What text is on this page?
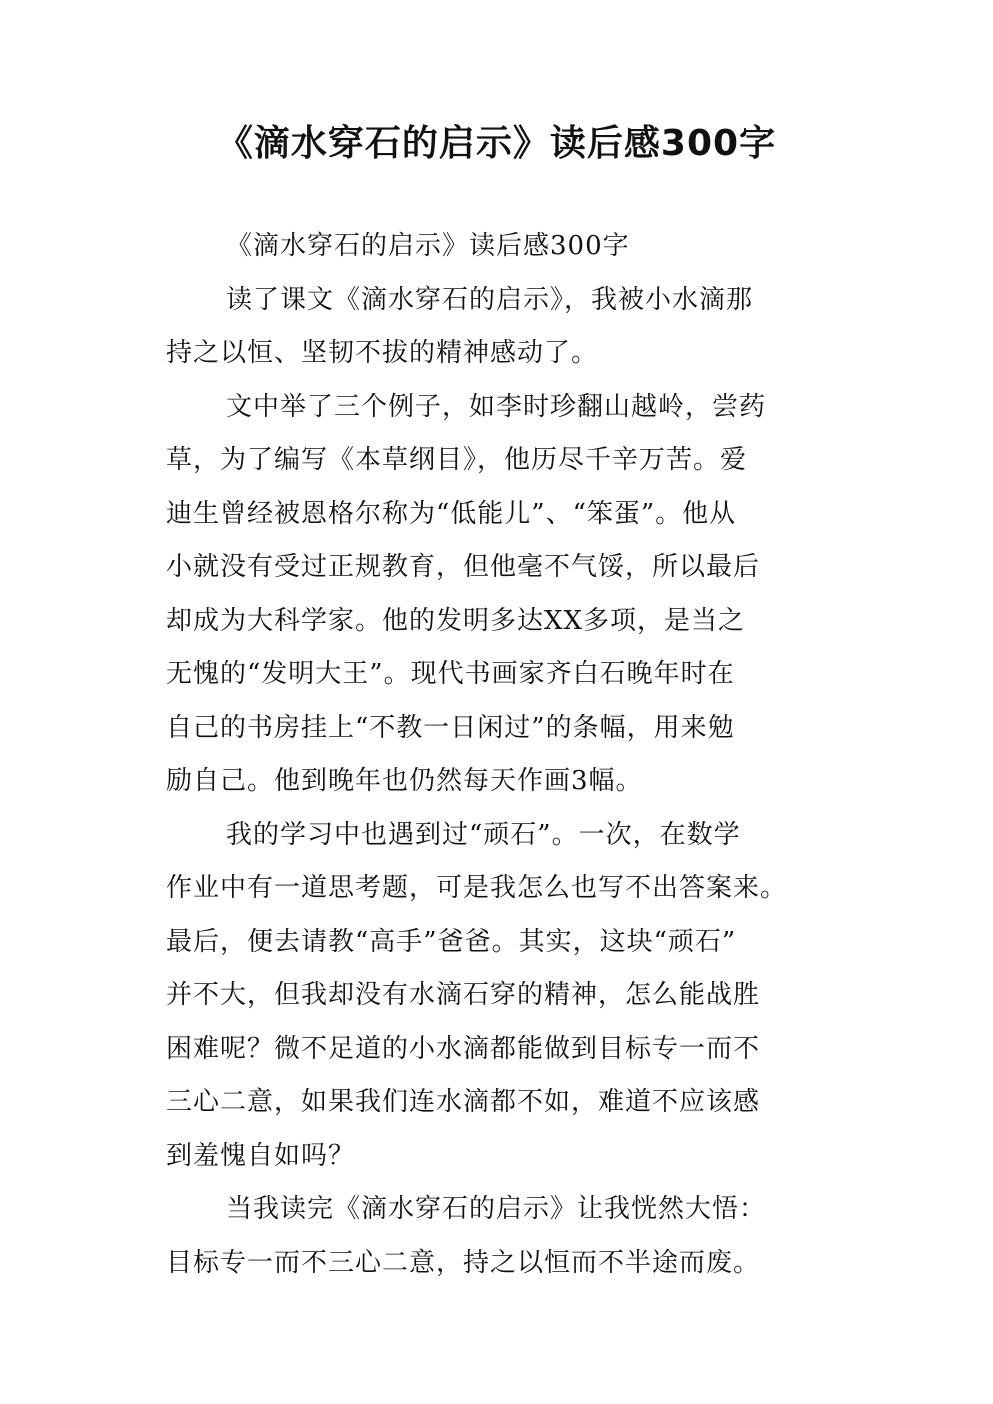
《滴水穿石的启示》读后感300字

《滴水穿石的启示》读后感300字

读了课文《滴水穿石的启示》，我被小水滴那

持之以恒、坚韧不拔的精神感动了。

文中举了三个例子，如李时珍翻山越岭，尝药

草，为了编写《本草纲目》，他历尽千辛万苦。爱

迪生曾经被恩格尔称为“低能儿”、“笨蛋”。他从

小就没有受过正规教育，但他毫不气馁，所以最后

却成为大科学家。他的发明多达XX多项，是当之

无愧的“发明大王”。现代书画家齐白石晚年时在

自己的书房挂上“不教一日闲过”的条幅，用来勉

励自己。他到晚年也仍然每天作画3幅。

我的学习中也遇到过“顽石”。一次，在数学

作业中有一道思考题，可是我怎么也写不出答案来。

最后，便去请教“高手”爸爸。其实，这块“顽石”

并不大，但我却没有水滴石穿的精神，怎么能战胜

困难呢？微不足道的小水滴都能做到目标专一而不

三心二意，如果我们连水滴都不如，难道不应该感

到羞愧自如吗？

当我读完《滴水穿石的启示》让我恍然大悟：

目标专一而不三心二意，持之以恒而不半途而废。
